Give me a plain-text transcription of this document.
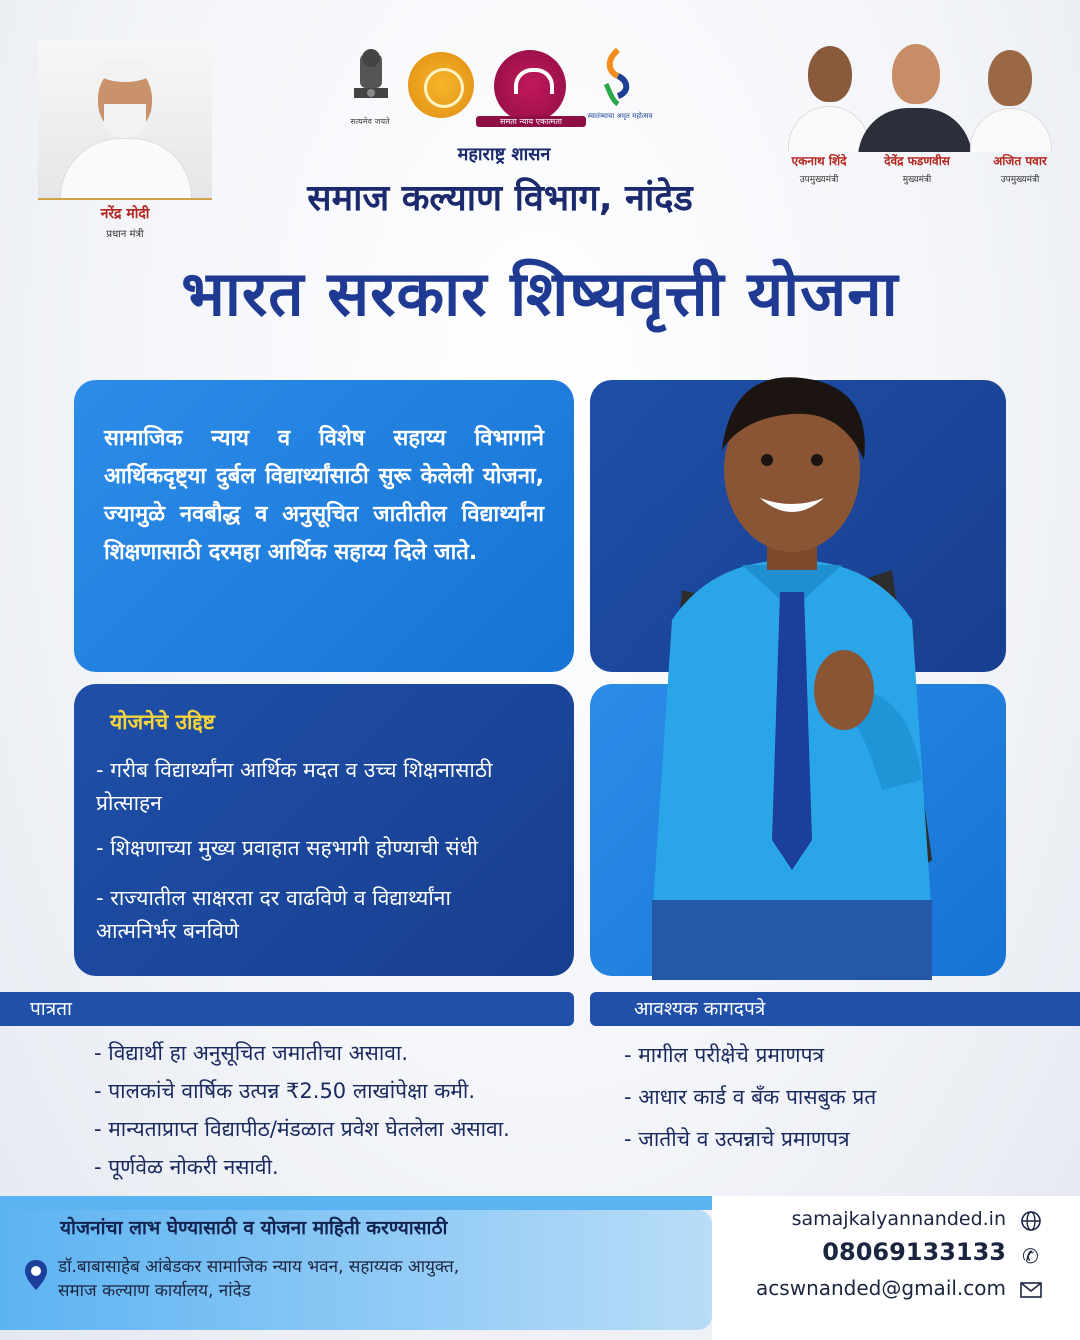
नरेंद्र मोदी
प्रधान मंत्री
सत्यमेव जयते	समता न्याय एकात्मता
स्वातंत्र्याचा अमृत महोत्सव
महाराष्ट्र शासन
समाज कल्याण विभाग, नांदेड
एकनाथ शिंदे
उपमुख्यमंत्री
देवेंद्र फडणवीस
मुख्यमंत्री
अजित पवार
उपमुख्यमंत्री
भारत सरकार शिष्यवृत्ती योजना
सामाजिक न्याय व विशेष सहाय्य विभागाने आर्थिकदृष्ट्या दुर्बल विद्यार्थ्यांसाठी सुरू केलेली योजना, ज्यामुळे नवबौद्ध व अनुसूचित जातीतील विद्यार्थ्यांना शिक्षणासाठी दरमहा आर्थिक सहाय्य दिले जाते.
योजनेचे उद्दिष्ट
- गरीब विद्यार्थ्यांना आर्थिक मदत व उच्च शिक्षनासाठी प्रोत्साहन
- शिक्षणाच्या मुख्य प्रवाहात सहभागी होण्याची संधी
- राज्यातील साक्षरता दर वाढविणे व विद्यार्थ्यांना आत्मनिर्भर बनविणे
पात्रता	आवश्यक कागदपत्रे
- विद्यार्थी हा अनुसूचित जमातीचा असावा.
- पालकांचे वार्षिक उत्पन्न ₹2.50 लाखांपेक्षा कमी.
- मान्यताप्राप्त विद्यापीठ/मंडळात प्रवेश घेतलेला असावा.
- पूर्णवेळ नोकरी नसावी.
- मागील परीक्षेचे प्रमाणपत्र
- आधार कार्ड व बँक पासबुक प्रत
- जातीचे व उत्पन्नाचे प्रमाणपत्र
योजनांचा लाभ घेण्यासाठी व योजना माहिती करण्यासाठी
डॉ.बाबासाहेब आंबेडकर सामाजिक न्याय भवन, सहाय्यक आयुक्त,
समाज कल्याण कार्यालय, नांदेड
samajkalyannanded.in
08069133133 ✆
acswnanded@gmail.com
